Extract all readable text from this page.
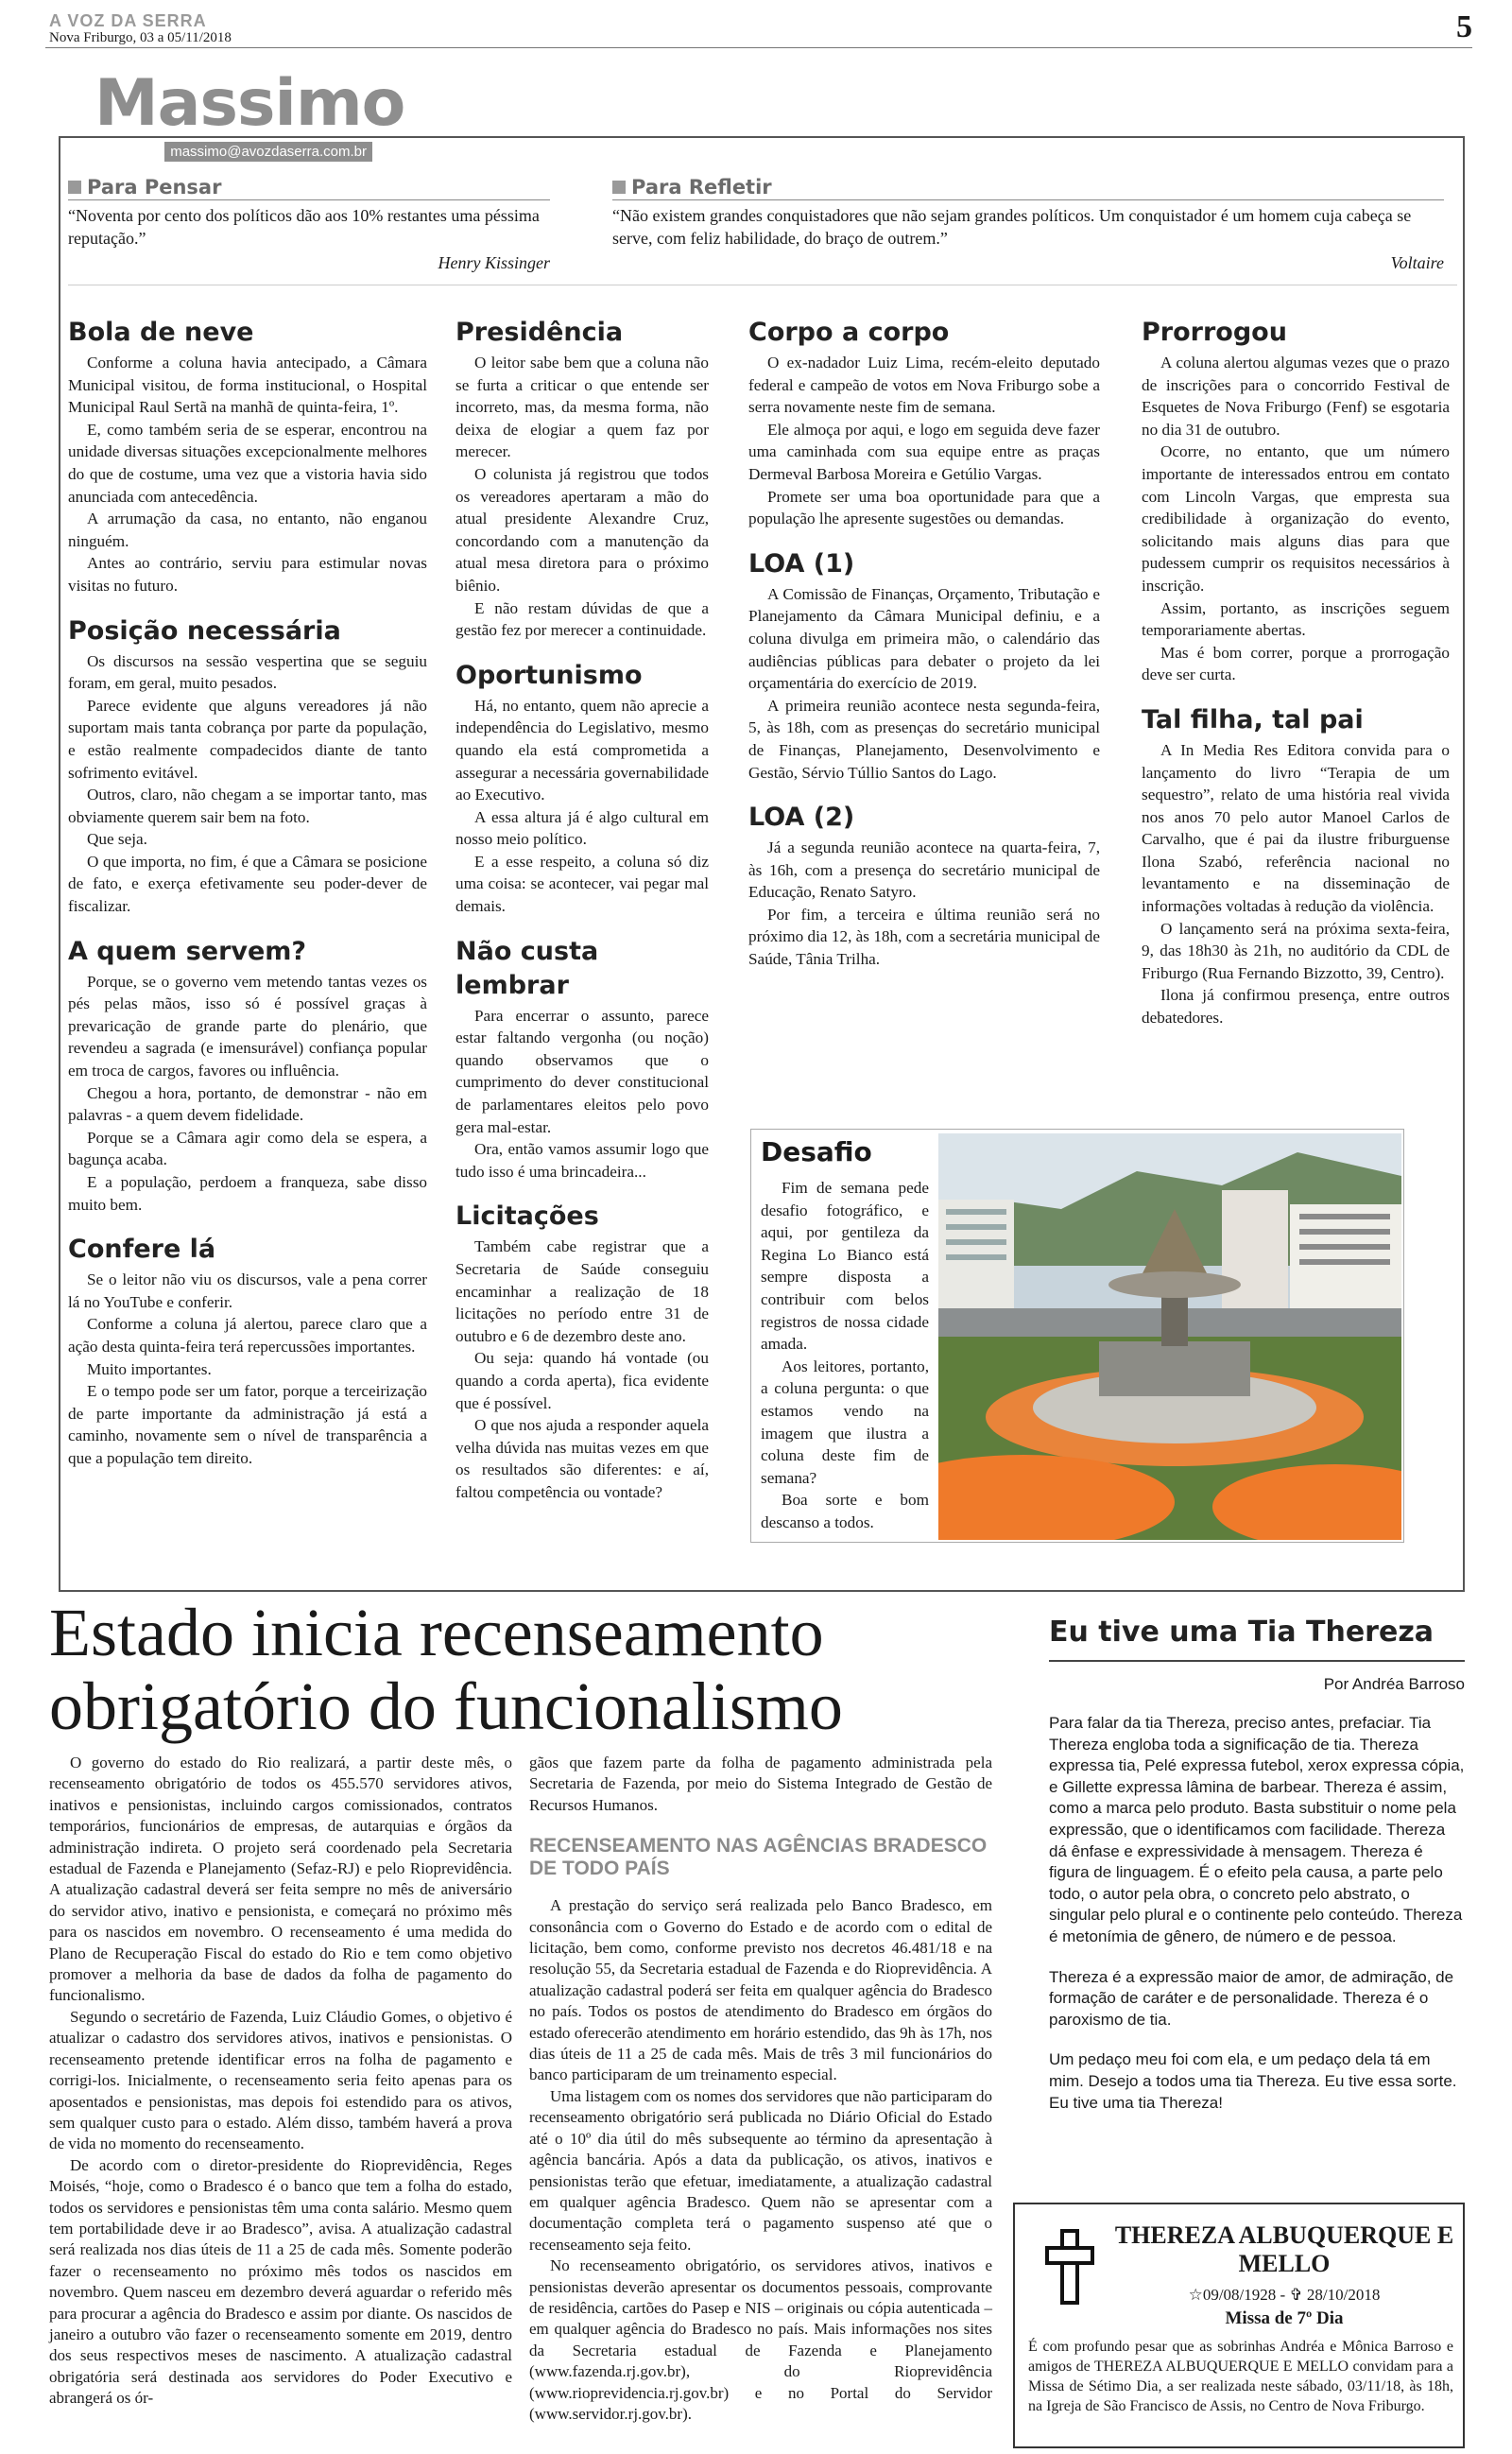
A VOZ DA SERRA
Nova Friburgo, 03 a 05/11/2018	5
Para Pensar
“Noventa por cento dos políticos dão aos 10% restantes uma péssima reputação.”
Henry Kissinger
Para Refletir
“Não existem grandes conquistadores que não sejam grandes políticos. Um conquistador é um homem cuja cabeça se serve, com feliz habilidade, do braço de outrem.”
Voltaire
Massimo
massimo@avozdaserra.com.br
Bola de neve

Conforme a coluna havia antecipado, a Câmara Municipal visitou, de forma institucional, o Hospital Municipal Raul Sertã na manhã de quinta-feira, 1º.

E, como também seria de se esperar, encontrou na unidade diversas situações excepcionalmente melhores do que de costume, uma vez que a vistoria havia sido anunciada com antecedência.

A arrumação da casa, no entanto, não enganou ninguém.

Antes ao contrário, serviu para estimular novas visitas no futuro.

Posição necessária

Os discursos na sessão vespertina que se seguiu foram, em geral, muito pesados.

Parece evidente que alguns vereadores já não suportam mais tanta cobrança por parte da população, e estão realmente compadecidos diante de tanto sofrimento evitável.

Outros, claro, não chegam a se importar tanto, mas obviamente querem sair bem na foto.

Que seja.

O que importa, no fim, é que a Câmara se posicione de fato, e exerça efetivamente seu poder-dever de fiscalizar.

A quem servem?

Porque, se o governo vem metendo tantas vezes os pés pelas mãos, isso só é possível graças à prevaricação de grande parte do plenário, que revendeu a sagrada (e imensurável) confiança popular em troca de cargos, favores ou influência.

Chegou a hora, portanto, de demonstrar - não em palavras - a quem devem fidelidade.

Porque se a Câmara agir como dela se espera, a bagunça acaba.

E a população, perdoem a franqueza, sabe disso muito bem.

Confere lá

Se o leitor não viu os discursos, vale a pena correr lá no YouTube e conferir.

Conforme a coluna já alertou, parece claro que a ação desta quinta-feira terá repercussões importantes.

Muito importantes.

E o tempo pode ser um fator, porque a terceirização de parte importante da administração já está a caminho, novamente sem o nível de transparência a que a população tem direito.

Presidência

O leitor sabe bem que a coluna não se furta a criticar o que entende ser incorreto, mas, da mesma forma, não deixa de elogiar a quem faz por merecer.

O colunista já registrou que todos os vereadores apertaram a mão do atual presidente Alexandre Cruz, concordando com a manutenção da atual mesa diretora para o próximo biênio.

E não restam dúvidas de que a gestão fez por merecer a continuidade.

Oportunismo

Há, no entanto, quem não aprecie a independência do Legislativo, mesmo quando ela está comprometida a assegurar a necessária governabilidade ao Executivo.

A essa altura já é algo cultural em nosso meio político.

E a esse respeito, a coluna só diz uma coisa: se acontecer, vai pegar mal demais.

Não custa lembrar

Para encerrar o assunto, parece estar faltando vergonha (ou noção) quando observamos que o cumprimento do dever constitucional de parlamentares eleitos pelo povo gera mal-estar.

Ora, então vamos assumir logo que tudo isso é uma brincadeira...

Licitações

Também cabe registrar que a Secretaria de Saúde conseguiu encaminhar a realização de 18 licitações no período entre 31 de outubro e 6 de dezembro deste ano.

Ou seja: quando há vontade (ou quando a corda aperta), fica evidente que é possível.

O que nos ajuda a responder aquela velha dúvida nas muitas vezes em que os resultados são diferentes: e aí, faltou competência ou vontade?

Corpo a corpo

O ex-nadador Luiz Lima, recém-eleito deputado federal e campeão de votos em Nova Friburgo sobe a serra novamente neste fim de semana.

Ele almoça por aqui, e logo em seguida deve fazer uma caminhada com sua equipe entre as praças Dermeval Barbosa Moreira e Getúlio Vargas.

Promete ser uma boa oportunidade para que a população lhe apresente sugestões ou demandas.

LOA (1)

A Comissão de Finanças, Orçamento, Tributação e Planejamento da Câmara Municipal definiu, e a coluna divulga em primeira mão, o calendário das audiências públicas para debater o projeto da lei orçamentária do exercício de 2019.

A primeira reunião acontece nesta segunda-feira, 5, às 18h, com as presenças do secretário municipal de Finanças, Planejamento, Desenvolvimento e Gestão, Sérvio Túllio Santos do Lago.

LOA (2)

Já a segunda reunião acontece na quarta-feira, 7, às 16h, com a presença do secretário municipal de Educação, Renato Satyro.

Por fim, a terceira e última reunião será no próximo dia 12, às 18h, com a secretária municipal de Saúde, Tânia Trilha.

Prorrogou

A coluna alertou algumas vezes que o prazo de inscrições para o concorrido Festival de Esquetes de Nova Friburgo (Fenf) se esgotaria no dia 31 de outubro.

Ocorre, no entanto, que um número importante de interessados entrou em contato com Lincoln Vargas, que empresta sua credibilidade à organização do evento, solicitando mais alguns dias para que pudessem cumprir os requisitos necessários à inscrição.

Assim, portanto, as inscrições seguem temporariamente abertas.

Mas é bom correr, porque a prorrogação deve ser curta.

Tal filha, tal pai

A In Media Res Editora convida para o lançamento do livro “Terapia de um sequestro”, relato de uma história real vivida nos anos 70 pelo autor Manoel Carlos de Carvalho, que é pai da ilustre friburguense Ilona Szabó, referência nacional no levantamento e na disseminação de informações voltadas à redução da violência.

O lançamento será na próxima sexta-feira, 9, das 18h30 às 21h, no auditório da CDL de Friburgo (Rua Fernando Bizzotto, 39, Centro).

Ilona já confirmou presença, entre outros debatedores.

Desafio

Fim de semana pede desafio fotográfico, e aqui, por gentileza da Regina Lo Bianco está sempre disposta a contribuir com belos registros de nossa cidade amada.

Aos leitores, portanto, a coluna pergunta: o que estamos vendo na imagem que ilustra a coluna deste fim de semana?

Boa sorte e bom descanso a todos.

Estado inicia recenseamento obrigatório do funcionalismo

O governo do estado do Rio realizará, a partir deste mês, o recenseamento obrigatório de todos os 455.570 servidores ativos, inativos e pensionistas, incluindo cargos comissionados, contratos temporários, funcionários de empresas, de autarquias e órgãos da administração indireta. O projeto será coordenado pela Secretaria estadual de Fazenda e Planejamento (Sefaz-RJ) e pelo Rioprevidência. A atualização cadastral deverá ser feita sempre no mês de aniversário do servidor ativo, inativo e pensionista, e começará no próximo mês para os nascidos em novembro. O recenseamento é uma medida do Plano de Recuperação Fiscal do estado do Rio e tem como objetivo promover a melhoria da base de dados da folha de pagamento do funcionalismo.

Segundo o secretário de Fazenda, Luiz Cláudio Gomes, o objetivo é atualizar o cadastro dos servidores ativos, inativos e pensionistas. O recenseamento pretende identificar erros na folha de pagamento e corrigi-los. Inicialmente, o recenseamento seria feito apenas para os aposentados e pensionistas, mas depois foi estendido para os ativos, sem qualquer custo para o estado. Além disso, também haverá a prova de vida no momento do recenseamento.

De acordo com o diretor-presidente do Rioprevidência, Reges Moisés, “hoje, como o Bradesco é o banco que tem a folha do estado, todos os servidores e pensionistas têm uma conta salário. Mesmo quem tem portabilidade deve ir ao Bradesco”, avisa. A atualização cadastral será realizada nos dias úteis de 11 a 25 de cada mês. Somente poderão fazer o recenseamento no próximo mês todos os nascidos em novembro. Quem nasceu em dezembro deverá aguardar o referido mês para procurar a agência do Bradesco e assim por diante. Os nascidos de janeiro a outubro vão fazer o recenseamento somente em 2019, dentro dos seus respectivos meses de nascimento. A atualização cadastral obrigatória será destinada aos servidores do Poder Executivo e abrangerá os ór-

gãos que fazem parte da folha de pagamento administrada pela Secretaria de Fazenda, por meio do Sistema Integrado de Gestão de Recursos Humanos.

RECENSEAMENTO NAS AGÊNCIAS BRADESCO DE TODO PAÍS

A prestação do serviço será realizada pelo Banco Bradesco, em consonância com o Governo do Estado e de acordo com o edital de licitação, bem como, conforme previsto nos decretos 46.481/18 e na resolução 55, da Secretaria estadual de Fazenda e do Rioprevidência. A atualização cadastral poderá ser feita em qualquer agência do Bradesco no país. Todos os postos de atendimento do Bradesco em órgãos do estado oferecerão atendimento em horário estendido, das 9h às 17h, nos dias úteis de 11 a 25 de cada mês. Mais de três 3 mil funcionários do banco participaram de um treinamento especial.

Uma listagem com os nomes dos servidores que não participaram do recenseamento obrigatório será publicada no Diário Oficial do Estado até o 10º dia útil do mês subsequente ao término da apresentação à agência bancária. Após a data da publicação, os ativos, inativos e pensionistas terão que efetuar, imediatamente, a atualização cadastral em qualquer agência Bradesco. Quem não se apresentar com a documentação completa terá o pagamento suspenso até que o recenseamento seja feito.

No recenseamento obrigatório, os servidores ativos, inativos e pensionistas deverão apresentar os documentos pessoais, comprovante de residência, cartões do Pasep e NIS – originais ou cópia autenticada – em qualquer agência do Bradesco no país. Mais informações nos sites da Secretaria estadual de Fazenda e Planejamento (www.fazenda.rj.gov.br), do Rioprevidência (www.rioprevidencia.rj.gov.br) e no Portal do Servidor (www.servidor.rj.gov.br).

Eu tive uma Tia Thereza
Por Andréa Barroso

Para falar da tia Thereza, preciso antes, prefaciar. Tia Thereza engloba toda a significação de tia. Thereza expressa tia, Pelé expressa futebol, xerox expressa cópia, e Gillette expressa lâmina de barbear. Thereza é assim, como a marca pelo produto. Basta substituir o nome pela expressão, que o identificamos com facilidade. Thereza dá ênfase e expressividade à mensagem. Thereza é figura de linguagem. É o efeito pela causa, a parte pelo todo, o autor pela obra, o concreto pelo abstrato, o singular pelo plural e o continente pelo conteúdo. Thereza é metonímia de gênero, de número e de pessoa.

Thereza é a expressão maior de amor, de admiração, de formação de caráter e de personalidade. Thereza é o paroxismo de tia.

Um pedaço meu foi com ela, e um pedaço dela tá em mim. Desejo a todos uma tia Thereza. Eu tive essa sorte. Eu tive uma tia Thereza!

THEREZA ALBUQUERQUE E MELLO
☆09/08/1928 - ✞ 28/10/2018
Missa de 7º Dia
É com profundo pesar que as sobrinhas Andréa e Mônica Barroso e amigos de THEREZA ALBUQUERQUE E MELLO convidam para a Missa de Sétimo Dia, a ser realizada neste sábado, 03/11/18, às 18h, na Igreja de São Francisco de Assis, no Centro de Nova Friburgo.
